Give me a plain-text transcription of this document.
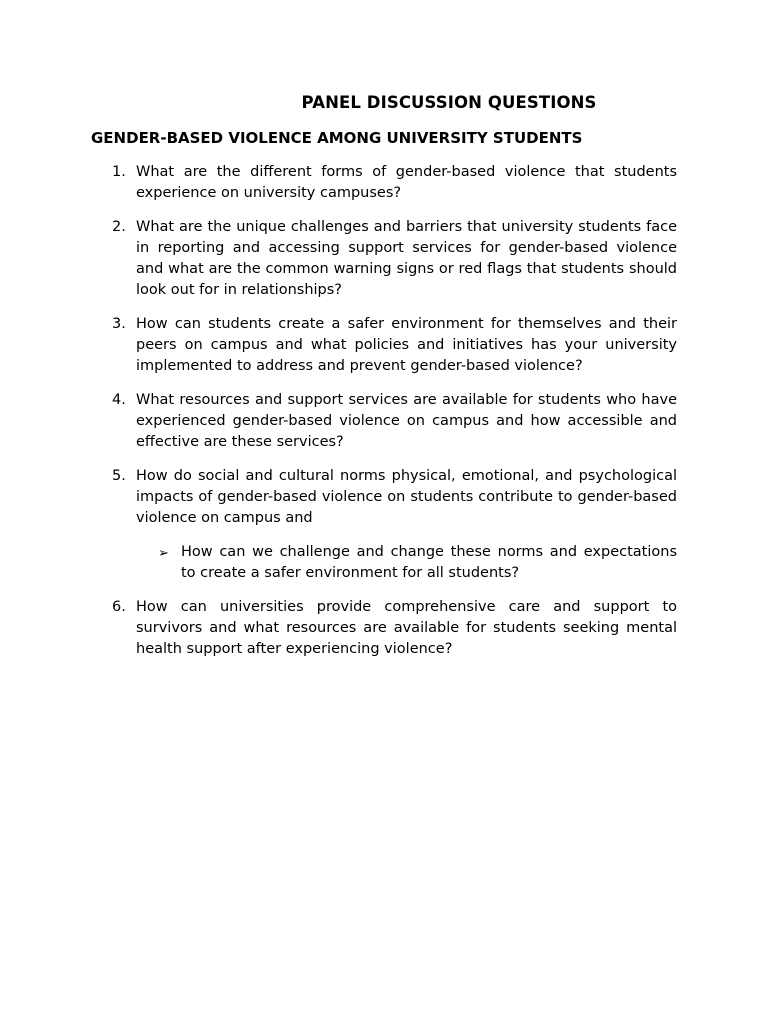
PANEL DISCUSSION QUESTIONS
GENDER-BASED VIOLENCE AMONG UNIVERSITY STUDENTS
1. What are the different forms of gender-based violence that students experience on university campuses?

2. What are the unique challenges and barriers that university students face in reporting and accessing support services for gender-based violence and what are the common warning signs or red flags that students should look out for in relationships?

3. How can students create a safer environment for themselves and their peers on campus and what policies and initiatives has your university implemented to address and prevent gender-based violence?

4. What resources and support services are available for students who have experienced gender-based violence on campus and how accessible and effective are these services?

5. How do social and cultural norms physical, emotional, and psychological impacts of gender-based violence on students contribute to gender-based violence on campus and

➢ How can we challenge and change these norms and expectations to create a safer environment for all students?

6. How can universities provide comprehensive care and support to survivors and what resources are available for students seeking mental health support after experiencing violence?
